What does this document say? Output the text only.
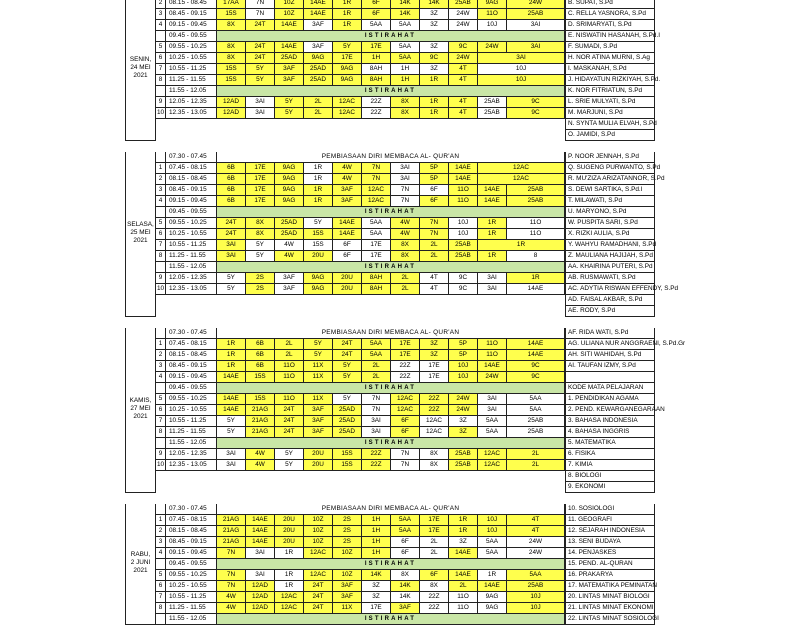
2	08.15 - 08.45	17AA	7N	10Z	14AE	1R	6F	14K	14K	25AB	9AG	24W	B. SUPAT, S.Pd
3	08.45 - 09.15	15S	7N	10Z	14AE	1R	6F	14K	3Z	24W	11O	25AB	C. RELLA YASNORA, S.Pd
4	09.15 - 09.45	8X	24T	14AE	3AF	1R	5AA	5AA	3Z	24W	10J	3AI	D. SRIMARYATI, S.Pd
09.45 - 09.55	ISTIRAHAT	E. NISWATIN HASANAH, S.Pd.I
5	09.55 - 10.25	8X	24T	14AE	3AF	5Y	17E	5AA	3Z	9C	24W	3AI	F. SUMADI, S.Pd
6	10.25 - 10.55	8X	24T	25AD	9AG	17E	1H	5AA	9C	24W	3AI	H. NOR ATINA MURNI, S.Ag
7	10.55 - 11.25	15S	5Y	3AF	25AD	9AG	8AH	1H	3Z	4T	10J	I. MASKANAH, S.Pd
8	11.25 - 11.55	15S	5Y	3AF	25AD	9AG	8AH	1H	1R	4T	10J	J. HIDAYATUN RIZKIYAH, S.Pd.
11.55 - 12.05	ISTIRAHAT	K. NOR FITRIATUN, S.Pd
9	12.05 - 12.35	12AD	3AI	5Y	2L	12AC	22Z	8X	1R	4T	25AB	9C	L. SRIE MULYATI, S.Pd
10 12.35 - 13.05	12AD	3AI	5Y	2L	12AC	22Z	8X	1R	4T	25AB	9C	M. MARJUNI, S.Pd
N. SYNTA MULIA ELVAH, S.Pd
O. JAMIDI, S.Pd
SENIN,
24 MEI
2021
07.30 - 07.45	PEMBIASAAN DIRI MEMBACA AL- QUR'AN	P. NOOR JENNAH, S.Pd
1	07.45 - 08.15	6B	17E	9AG	1R	4W	7N	3AI	5P	14AE	12AC	Q. SUGENG PURWANTO, S.Pd
2	08.15 - 08.45	6B	17E	9AG	1R	4W	7N	3AI	5P	14AE	12AC	R. MU'ZIZA ARIZATANNOR, S.Pd
3	08.45 - 09.15	6B	17E	9AG	1R	3AF	12AC	7N	6F	11O	14AE	25AB	S. DEWI SARTIKA, S.Pd.I
4	09.15 - 09.45	6B	17E	9AG	1R	3AF	12AC	7N	6F	11O	14AE	25AB	T. MILAWATI, S.Pd
09.45 - 09.55	ISTIRAHAT	U. MARYONO, S.Pd
5	09.55 - 10.25	24T	8X	25AD	5Y	14AE	5AA	4W	7N	10J	1R	11O	W. PUSPITA SARI, S.Pd
6	10.25 - 10.55	24T	8X	25AD	15S	14AE	5AA	4W	7N	10J	1R	11O	X. RIZKI AULIA, S.Pd
7	10.55 - 11.25	3AI	5Y	4W	15S	6F	17E	8X	2L	25AB	1R	Y. WAHYU RAMADHANI, S.Pd
8	11.25 - 11.55	3AI	5Y	4W	20U	6F	17E	8X	2L	25AB	1R	8	Z. MAULIANA HAJIJAH, S.Pd
11.55 - 12.05	ISTIRAHAT	AA. KHAIRINA PUTERI, S.Pd
9	12.05 - 12.35	5Y	2S	3AF	9AG	20U	8AH	2L	4T	9C	3AI	1R	AB. RUSMAWATI, S.Pd
10 12.35 - 13.05	5Y	2S	3AF	9AG	20U	8AH	2L	4T	9C	3AI	14AE	AC. ADYTIA RISWAN EFFENDY, S.Pd
AD. FAISAL AKBAR, S.Pd
AE. RODY, S.Pd
SELASA,
25 MEI
2021
07.30 - 07.45	PEMBIASAAN DIRI MEMBACA AL- QUR'AN	AF. RIDA WATI, S.Pd
1	07.45 - 08.15	1R	6B	2L	5Y	24T	5AA	17E	3Z	5P	11O	14AE	AG. ULIANA NUR ANGGRAENI, S.Pd.Gr
2	08.15 - 08.45	1R	6B	2L	5Y	24T	5AA	17E	3Z	5P	11O	14AE	AH. SITI WAHIDAH, S.Pd
3	08.45 - 09.15	1R	6B	11O	11X	5Y	2L	22Z	17E	10J	14AE	9C	AI. TAUFAN IZMY, S.Pd
4	09.15 - 09.45	14AE	15S	11O	11X	5Y	2L	22Z	17E	10J	24W	9C
09.45 - 09.55	ISTIRAHAT	KODE MATA PELAJARAN
5	09.55 - 10.25	14AE	15S	11O	11X	5Y	7N	12AC	22Z	24W	3AI	5AA	1. PENDIDIKAN AGAMA
6	10.25 - 10.55	14AE	21AG	24T	3AF	25AD	7N	12AC	22Z	24W	3AI	5AA	2. PEND. KEWARGANEGARAAN
7	10.55 - 11.25	5Y	21AG	24T	3AF	25AD	3AI	6F	12AC	3Z	5AA	25AB	3. BAHASA INDONESIA
8	11.25 - 11.55	5Y	21AG	24T	3AF	25AD	3AI	6F	12AC	3Z	5AA	25AB	4. BAHASA INGGRIS
11.55 - 12.05	ISTIRAHAT	5. MATEMATIKA
9	12.05 - 12.35	3AI	4W	5Y	20U	15S	22Z	7N	8X	25AB	12AC	2L	6. FISIKA
10 12.35 - 13.05	3AI	4W	5Y	20U	15S	22Z	7N	8X	25AB	12AC	2L	7. KIMIA
8. BIOLOGI
9. EKONOMI
KAMIS,
27 MEI
2021
07.30 - 07.45	PEMBIASAAN DIRI MEMBACA AL- QUR'AN	10. SOSIOLOGI
1	07.45 - 08.15	21AG	14AE	20U	10Z	2S	1H	5AA	17E	1R	10J	4T	11. GEOGRAFI
2	08.15 - 08.45	21AG	14AE	20U	10Z	2S	1H	5AA	17E	1R	10J	4T	12. SEJARAH INDONESIA
3	08.45 - 09.15	21AG	14AE	20U	10Z	2S	1H	6F	2L	3Z	5AA	24W	13. SENI BUDAYA
4	09.15 - 09.45	7N	3AI	1R	12AC	10Z	1H	6F	2L	14AE	5AA	24W	14. PENJASKES
09.45 - 09.55	ISTIRAHAT	15. PEND. AL-QURAN
5	09.55 - 10.25	7N	3AI	1R	12AC	10Z	14K	8X	6F	14AE	1R	5AA	16. PRAKARYA
6	10.25 - 10.55	7N	12AD	1R	24T	3AF	3Z	14K	8X	2L	14AE	25AB	17. MATEMATIKA PEMINATAN
7	10.55 - 11.25	4W	12AD	12AC	24T	3AF	3Z	14K	22Z	11O	9AG	10J	20. LINTAS MINAT BIOLOGI
8	11.25 - 11.55	4W	12AD	12AC	24T	11X	17E	3AF	22Z	11O	9AG	10J	21. LINTAS MINAT EKONOMI
11.55 - 12.05	ISTIRAHAT	22. LINTAS MINAT SOSIOLOGI
RABU,
2 JUNI
2021
